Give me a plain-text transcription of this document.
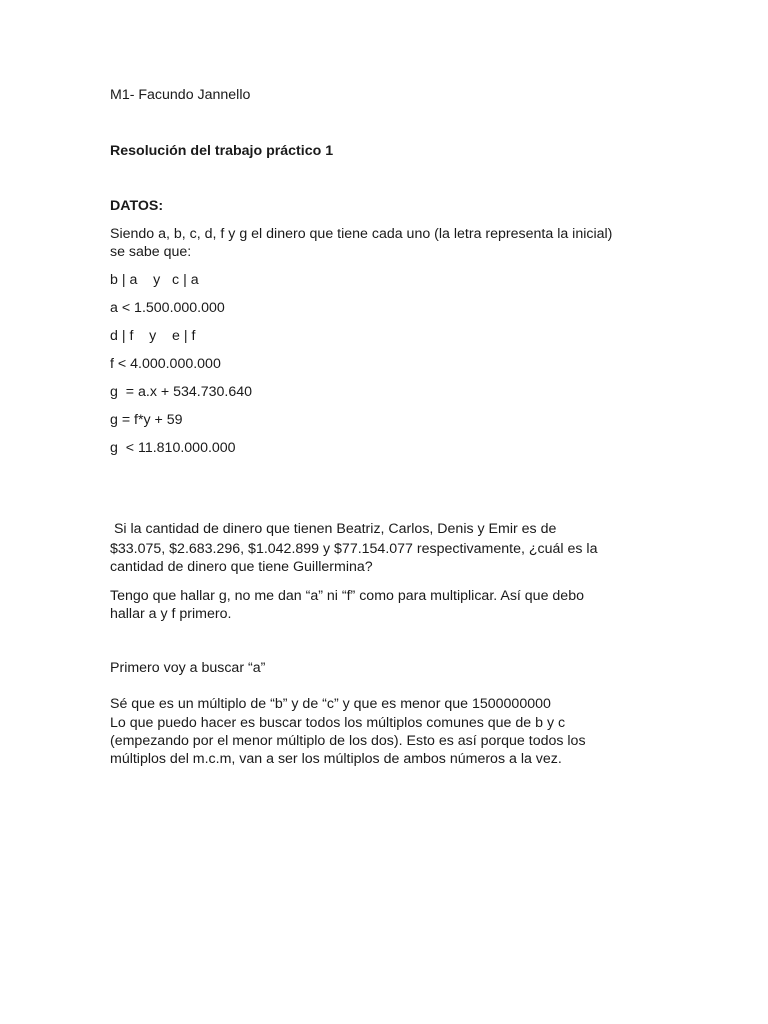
M1- Facundo Jannello
Resolución del trabajo práctico 1
DATOS:
Siendo a, b, c, d, f y g el dinero que tiene cada uno (la letra representa la inicial)
se sabe que:
b | a    y   c | a
a < 1.500.000.000
d | f    y    e | f
f < 4.000.000.000
g  = a.x + 534.730.640
g = f*y + 59
g  < 11.810.000.000
Si la cantidad de dinero que tienen Beatriz, Carlos, Denis y Emir es de
$33.075, $2.683.296, $1.042.899 y $77.154.077 respectivamente, ¿cuál es la
cantidad de dinero que tiene Guillermina?
Tengo que hallar g, no me dan “a” ni “f” como para multiplicar. Así que debo
hallar a y f primero.
Primero voy a buscar “a”
Sé que es un múltiplo de “b” y de “c” y que es menor que 1500000000
Lo que puedo hacer es buscar todos los múltiplos comunes que de b y c
(empezando por el menor múltiplo de los dos). Esto es así porque todos los
múltiplos del m.c.m, van a ser los múltiplos de ambos números a la vez.
